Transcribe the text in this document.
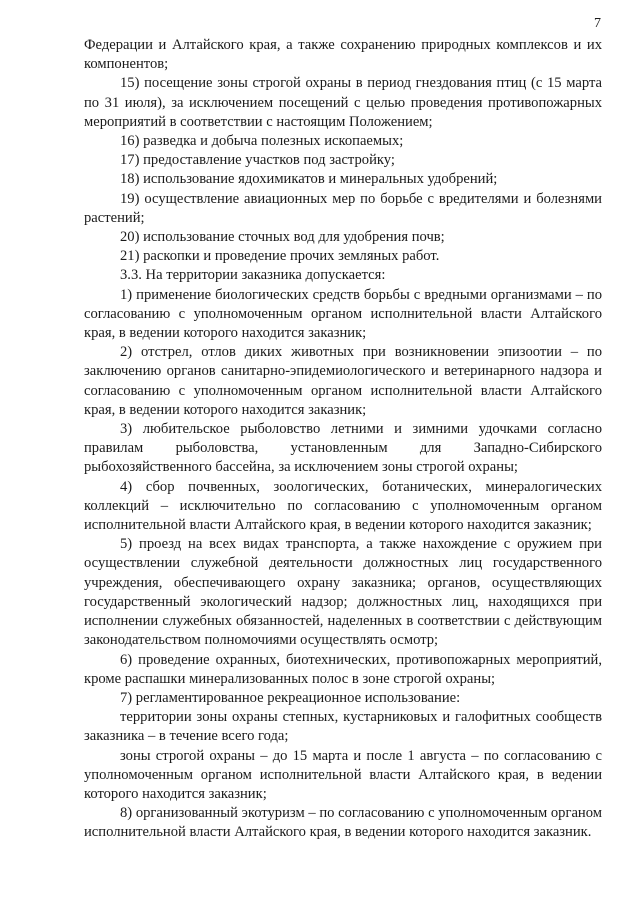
7

Федерации и Алтайского края, а также сохранению природных комплексов и их компонентов;

15) посещение зоны строгой охраны в период гнездования птиц (с 15 марта по 31 июля), за исключением посещений с целью проведения противопожарных мероприятий в соответствии с настоящим Положением;

16) разведка и добыча полезных ископаемых;

17) предоставление участков под застройку;

18) использование ядохимикатов и минеральных удобрений;

19) осуществление авиационных мер по борьбе с вредителями и болезнями растений;

20) использование сточных вод для удобрения почв;

21) раскопки и проведение прочих земляных работ.

3.3. На территории заказника допускается:

1) применение биологических средств борьбы с вредными организмами – по согласованию с уполномоченным органом исполнительной власти Алтайского края, в ведении которого находится заказник;

2) отстрел, отлов диких животных при возникновении эпизоотии – по заключению органов санитарно-эпидемиологического и ветеринарного надзора и согласованию с уполномоченным органом исполнительной власти Алтайского края, в ведении которого находится заказник;

3) любительское рыболовство летними и зимними удочками согласно правилам рыболовства, установленным для Западно-Сибирского рыбохозяйственного бассейна, за исключением зоны строгой охраны;

4) сбор почвенных, зоологических, ботанических, минералогических коллекций – исключительно по согласованию с уполномоченным органом исполнительной власти Алтайского края, в ведении которого находится заказник;

5) проезд на всех видах транспорта, а также нахождение с оружием при осуществлении служебной деятельности должностных лиц государственного учреждения, обеспечивающего охрану заказника; органов, осуществляющих государственный экологический надзор; должностных лиц, находящихся при исполнении служебных обязанностей, наделенных в соответствии с действующим законодательством полномочиями осуществлять осмотр;

6) проведение охранных, биотехнических, противопожарных мероприятий, кроме распашки минерализованных полос в зоне строгой охраны;

7) регламентированное рекреационное использование:

территории зоны охраны степных, кустарниковых и галофитных сообществ заказника – в течение всего года;

зоны строгой охраны – до 15 марта и после 1 августа – по согласованию с уполномоченным органом исполнительной власти Алтайского края, в ведении которого находится заказник;

8) организованный экотуризм – по согласованию с уполномоченным органом исполнительной власти Алтайского края, в ведении которого находится заказник.
